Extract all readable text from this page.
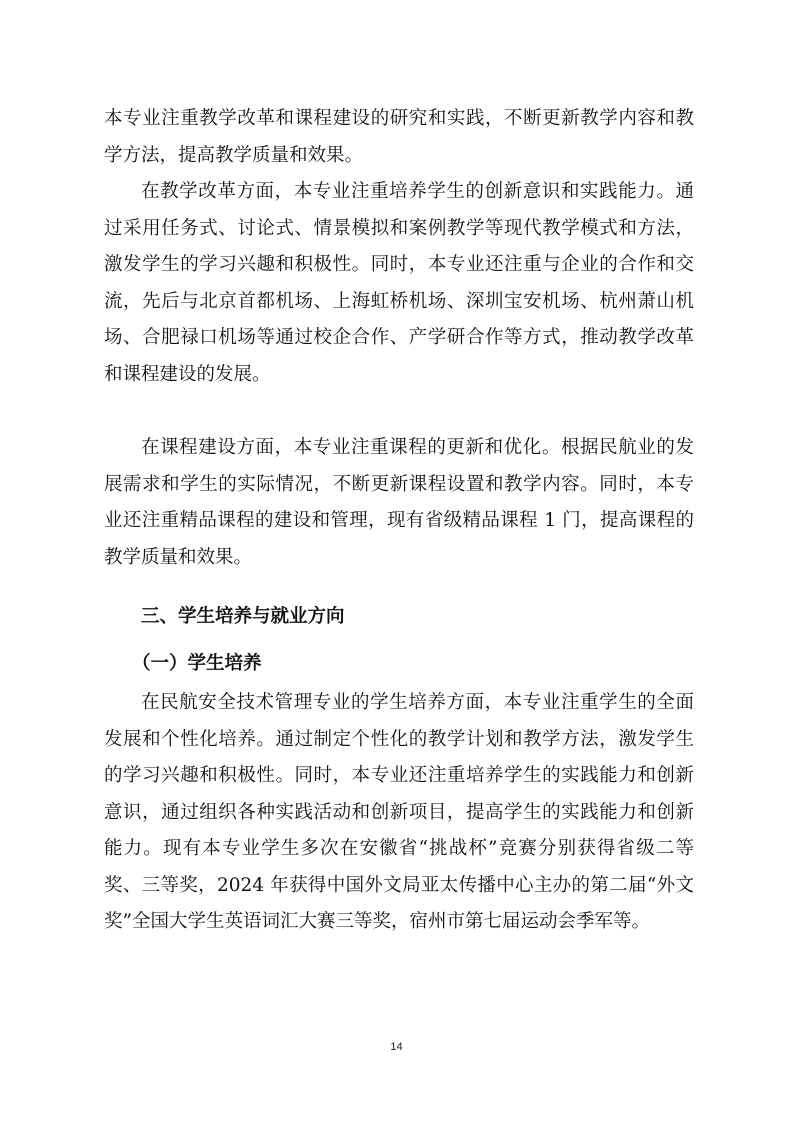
本专业注重教学改革和课程建设的研究和实践，不断更新教学内容和教学方法，提高教学质量和效果。

在教学改革方面，本专业注重培养学生的创新意识和实践能力。通过采用任务式、讨论式、情景模拟和案例教学等现代教学模式和方法，激发学生的学习兴趣和积极性。同时，本专业还注重与企业的合作和交流，先后与北京首都机场、上海虹桥机场、深圳宝安机场、杭州萧山机场、合肥禄口机场等通过校企合作、产学研合作等方式，推动教学改革和课程建设的发展。

在课程建设方面，本专业注重课程的更新和优化。根据民航业的发展需求和学生的实际情况，不断更新课程设置和教学内容。同时，本专业还注重精品课程的建设和管理，现有省级精品课程 1 门，提高课程的教学质量和效果。

三、学生培养与就业方向
（一）学生培养

在民航安全技术管理专业的学生培养方面，本专业注重学生的全面发展和个性化培养。通过制定个性化的教学计划和教学方法，激发学生的学习兴趣和积极性。同时，本专业还注重培养学生的实践能力和创新意识，通过组织各种实践活动和创新项目，提高学生的实践能力和创新能力。现有本专业学生多次在安徽省“挑战杯”竞赛分别获得省级二等奖、三等奖，2024 年获得中国外文局亚太传播中心主办的第二届“外文奖”全国大学生英语词汇大赛三等奖，宿州市第七届运动会季军等。

14
